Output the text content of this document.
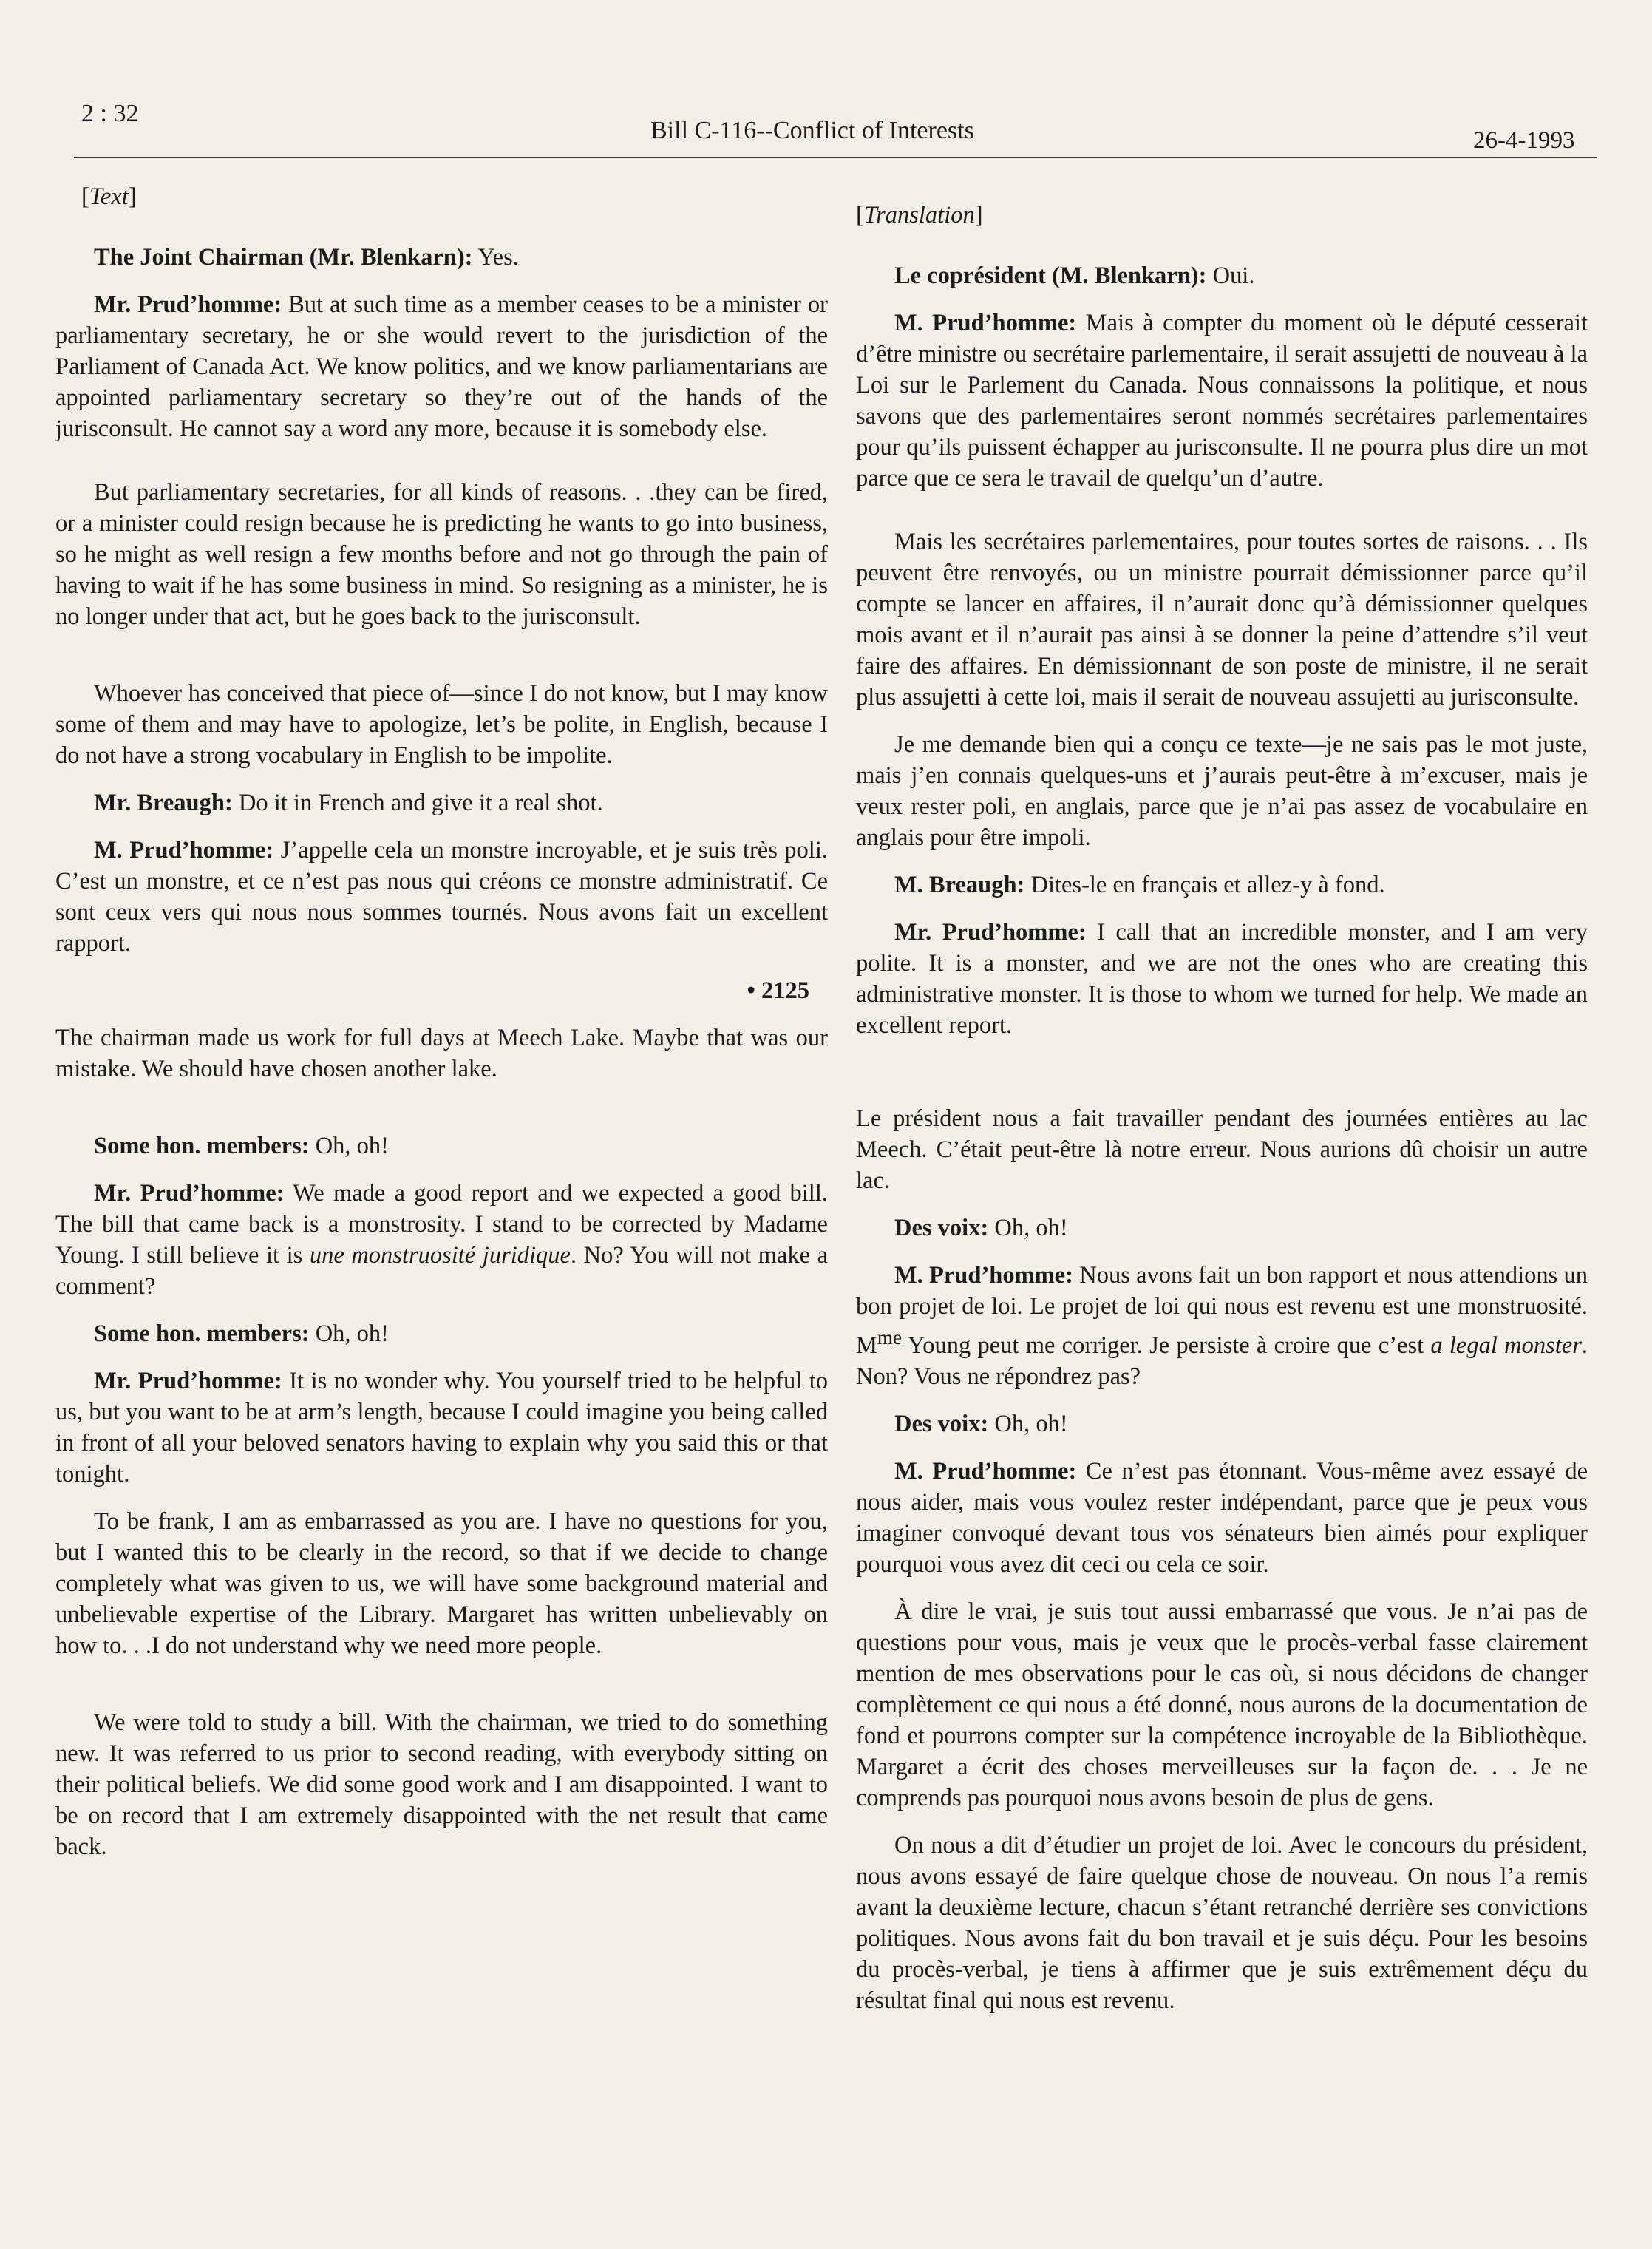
2 : 32
Bill C-116--Conflict of Interests	26-4-1993

[Text]

The Joint Chairman (Mr. Blenkarn): Yes.

Mr. Prud’homme: But at such time as a member ceases to be a minister or parliamentary secretary, he or she would revert to the jurisdiction of the Parliament of Canada Act. We know politics, and we know parliamentarians are appointed parliamentary secretary so they’re out of the hands of the jurisconsult. He cannot say a word any more, because it is somebody else.

But parliamentary secretaries, for all kinds of reasons. . .they can be fired, or a minister could resign because he is predicting he wants to go into business, so he might as well resign a few months before and not go through the pain of having to wait if he has some business in mind. So resigning as a minister, he is no longer under that act, but he goes back to the jurisconsult.

Whoever has conceived that piece of—since I do not know, but I may know some of them and may have to apologize, let’s be polite, in English, because I do not have a strong vocabulary in English to be impolite.

Mr. Breaugh: Do it in French and give it a real shot.

M. Prud’homme: J’appelle cela un monstre incroyable, et je suis très poli. C’est un monstre, et ce n’est pas nous qui créons ce monstre administratif. Ce sont ceux vers qui nous nous sommes tournés. Nous avons fait un excellent rapport.

• 2125

The chairman made us work for full days at Meech Lake. Maybe that was our mistake. We should have chosen another lake.

Some hon. members: Oh, oh!

Mr. Prud’homme: We made a good report and we expected a good bill. The bill that came back is a monstrosity. I stand to be corrected by Madame Young. I still believe it is une monstruosité juridique. No? You will not make a comment?

Some hon. members: Oh, oh!

Mr. Prud’homme: It is no wonder why. You yourself tried to be helpful to us, but you want to be at arm’s length, because I could imagine you being called in front of all your beloved senators having to explain why you said this or that tonight.

To be frank, I am as embarrassed as you are. I have no questions for you, but I wanted this to be clearly in the record, so that if we decide to change completely what was given to us, we will have some background material and unbelievable expertise of the Library. Margaret has written unbelievably on how to. . .I do not understand why we need more people.

We were told to study a bill. With the chairman, we tried to do something new. It was referred to us prior to second reading, with everybody sitting on their political beliefs. We did some good work and I am disappointed. I want to be on record that I am extremely disappointed with the net result that came back.

[Translation]

Le coprésident (M. Blenkarn): Oui.

M. Prud’homme: Mais à compter du moment où le député cesserait d’être ministre ou secrétaire parlementaire, il serait assujetti de nouveau à la Loi sur le Parlement du Canada. Nous connaissons la politique, et nous savons que des parlementaires seront nommés secrétaires parlementaires pour qu’ils puissent échapper au jurisconsulte. Il ne pourra plus dire un mot parce que ce sera le travail de quelqu’un d’autre.

Mais les secrétaires parlementaires, pour toutes sortes de raisons. . . Ils peuvent être renvoyés, ou un ministre pourrait démissionner parce qu’il compte se lancer en affaires, il n’aurait donc qu’à démissionner quelques mois avant et il n’aurait pas ainsi à se donner la peine d’attendre s’il veut faire des affaires. En démissionnant de son poste de ministre, il ne serait plus assujetti à cette loi, mais il serait de nouveau assujetti au jurisconsulte.

Je me demande bien qui a conçu ce texte—je ne sais pas le mot juste, mais j’en connais quelques-uns et j’aurais peut-être à m’excuser, mais je veux rester poli, en anglais, parce que je n’ai pas assez de vocabulaire en anglais pour être impoli.

M. Breaugh: Dites-le en français et allez-y à fond.

Mr. Prud’homme: I call that an incredible monster, and I am very polite. It is a monster, and we are not the ones who are creating this administrative monster. It is those to whom we turned for help. We made an excellent report.

Le président nous a fait travailler pendant des journées entières au lac Meech. C’était peut-être là notre erreur. Nous aurions dû choisir un autre lac.

Des voix: Oh, oh!

M. Prud’homme: Nous avons fait un bon rapport et nous attendions un bon projet de loi. Le projet de loi qui nous est revenu est une monstruosité. $M^{me}$ Young peut me corriger. Je persiste à croire que c’est a legal monster. Non? Vous ne répondrez pas?

Des voix: Oh, oh!

M. Prud’homme: Ce n’est pas étonnant. Vous-même avez essayé de nous aider, mais vous voulez rester indépendant, parce que je peux vous imaginer convoqué devant tous vos sénateurs bien aimés pour expliquer pourquoi vous avez dit ceci ou cela ce soir.

À dire le vrai, je suis tout aussi embarrassé que vous. Je n’ai pas de questions pour vous, mais je veux que le procès-verbal fasse clairement mention de mes observations pour le cas où, si nous décidons de changer complètement ce qui nous a été donné, nous aurons de la documentation de fond et pourrons compter sur la compétence incroyable de la Bibliothèque. Margaret a écrit des choses merveilleuses sur la façon de. . . Je ne comprends pas pourquoi nous avons besoin de plus de gens.

On nous a dit d’étudier un projet de loi. Avec le concours du président, nous avons essayé de faire quelque chose de nouveau. On nous l’a remis avant la deuxième lecture, chacun s’étant retranché derrière ses convictions politiques. Nous avons fait du bon travail et je suis déçu. Pour les besoins du procès-verbal, je tiens à affirmer que je suis extrêmement déçu du résultat final qui nous est revenu.
